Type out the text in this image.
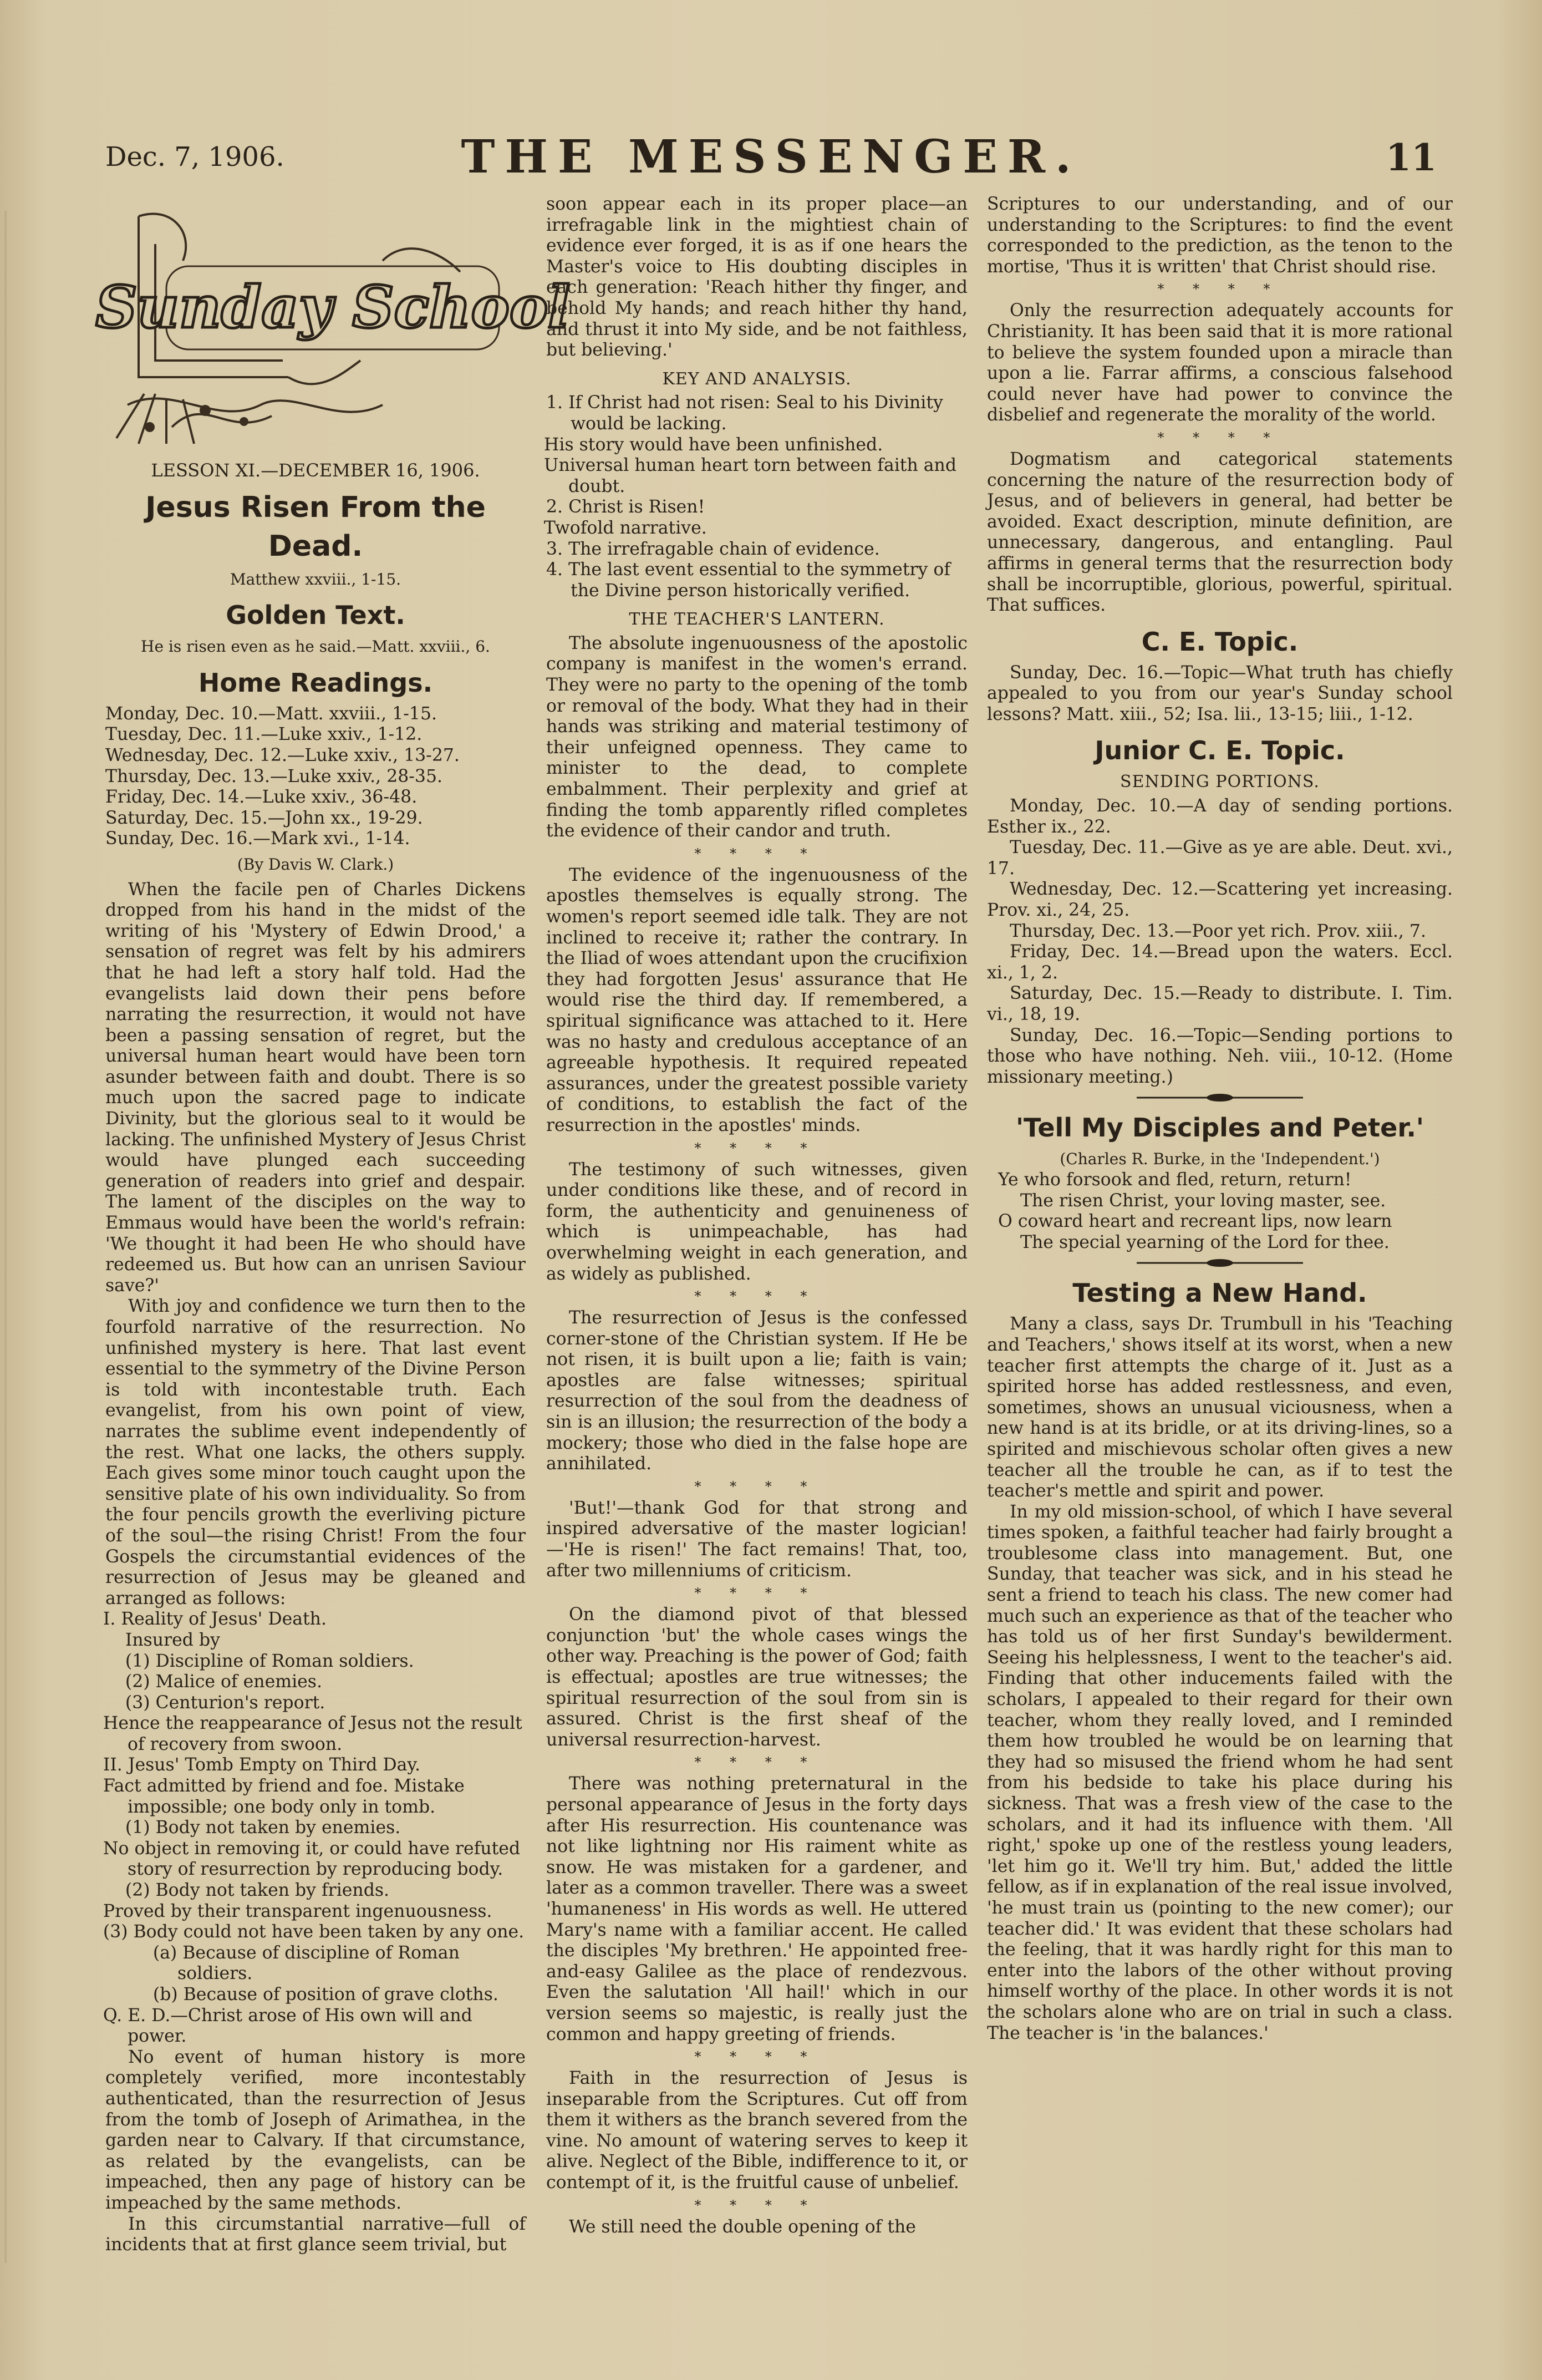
Dec. 7, 1906.	THE MESSENGER.	11
Sunday School
LESSON XI.—DECEMBER 16, 1906.
Jesus Risen From the Dead.
Matthew xxviii., 1-15.
Golden Text.
He is risen even as he said.—Matt. xxviii., 6.
Home Readings.
Monday, Dec. 10.—Matt. xxviii., 1-15.
Tuesday, Dec. 11.—Luke xxiv., 1-12.
Wednesday, Dec. 12.—Luke xxiv., 13-27.
Thursday, Dec. 13.—Luke xxiv., 28-35.
Friday, Dec. 14.—Luke xxiv., 36-48.
Saturday, Dec. 15.—John xx., 19-29.
Sunday, Dec. 16.—Mark xvi., 1-14.
(By Davis W. Clark.)

When the facile pen of Charles Dickens dropped from his hand in the midst of the writing of his 'Mystery of Edwin Drood,' a sensation of regret was felt by his admirers that he had left a story half told. Had the evangelists laid down their pens before narrating the resurrection, it would not have been a passing sensation of regret, but the universal human heart would have been torn asunder between faith and doubt. There is so much upon the sacred page to indicate Divinity, but the glorious seal to it would be lacking. The unfinished Mystery of Jesus Christ would have plunged each succeeding generation of readers into grief and despair. The lament of the disciples on the way to Emmaus would have been the world's refrain: 'We thought it had been He who should have redeemed us. But how can an unrisen Saviour save?'

With joy and confidence we turn then to the fourfold narrative of the resurrection. No unfinished mystery is here. That last event essential to the symmetry of the Divine Person is told with incontestable truth. Each evangelist, from his own point of view, narrates the sublime event independently of the rest. What one lacks, the others supply. Each gives some minor touch caught upon the sensitive plate of his own individuality. So from the four pencils growth the everliving picture of the soul—the rising Christ! From the four Gospels the circumstantial evidences of the resurrection of Jesus may be gleaned and arranged as follows:

I. Reality of Jesus' Death.
Insured by
(1) Discipline of Roman soldiers.
(2) Malice of enemies.
(3) Centurion's report.
Hence the reappearance of Jesus not the result of recovery from swoon.
II. Jesus' Tomb Empty on Third Day.
Fact admitted by friend and foe. Mistake impossible; one body only in tomb.
(1) Body not taken by enemies.
No object in removing it, or could have refuted story of resurrection by reproducing body.
(2) Body not taken by friends.
Proved by their transparent ingenuousness.
(3) Body could not have been taken by any one.
(a) Because of discipline of Roman soldiers.
(b) Because of position of grave cloths.
Q. E. D.—Christ arose of His own will and power.

No event of human history is more completely verified, more incontestably authenticated, than the resurrection of Jesus from the tomb of Joseph of Arimathea, in the garden near to Calvary. If that circumstance, as related by the evangelists, can be impeached, then any page of history can be impeached by the same methods.

In this circumstantial narrative—full of incidents that at first glance seem trivial, but

soon appear each in its proper place—an irrefragable link in the mightiest chain of evidence ever forged, it is as if one hears the Master's voice to His doubting disciples in each generation: 'Reach hither thy finger, and behold My hands; and reach hither thy hand, and thrust it into My side, and be not faithless, but believing.'

KEY AND ANALYSIS.
1. If Christ had not risen: Seal to his Divinity would be lacking.
His story would have been unfinished.
Universal human heart torn between faith and doubt.
2. Christ is Risen!
Twofold narrative.
3. The irrefragable chain of evidence.
4. The last event essential to the symmetry of the Divine person historically verified.
THE TEACHER'S LANTERN.

The absolute ingenuousness of the apostolic company is manifest in the women's errand. They were no party to the opening of the tomb or removal of the body. What they had in their hands was striking and material testimony of their unfeigned openness. They came to minister to the dead, to complete embalmment. Their perplexity and grief at finding the tomb apparently rifled completes the evidence of their candor and truth.

* * * *

The evidence of the ingenuousness of the apostles themselves is equally strong. The women's report seemed idle talk. They are not inclined to receive it; rather the contrary. In the Iliad of woes attendant upon the crucifixion they had forgotten Jesus' assurance that He would rise the third day. If remembered, a spiritual significance was attached to it. Here was no hasty and credulous acceptance of an agreeable hypothesis. It required repeated assurances, under the greatest possible variety of conditions, to establish the fact of the resurrection in the apostles' minds.

* * * *

The testimony of such witnesses, given under conditions like these, and of record in form, the authenticity and genuineness of which is unimpeachable, has had overwhelming weight in each generation, and as widely as published.

* * * *

The resurrection of Jesus is the confessed corner-stone of the Christian system. If He be not risen, it is built upon a lie; faith is vain; apostles are false witnesses; spiritual resurrection of the soul from the deadness of sin is an illusion; the resurrection of the body a mockery; those who died in the false hope are annihilated.

* * * *

'But!'—thank God for that strong and inspired adversative of the master logician!—'He is risen!' The fact remains! That, too, after two millenniums of criticism.

* * * *

On the diamond pivot of that blessed conjunction 'but' the whole cases wings the other way. Preaching is the power of God; faith is effectual; apostles are true witnesses; the spiritual resurrection of the soul from sin is assured. Christ is the first sheaf of the universal resurrection-harvest.

* * * *

There was nothing preternatural in the personal appearance of Jesus in the forty days after His resurrection. His countenance was not like lightning nor His raiment white as snow. He was mistaken for a gardener, and later as a common traveller. There was a sweet 'humaneness' in His words as well. He uttered Mary's name with a familiar accent. He called the disciples 'My brethren.' He appointed free-and-easy Galilee as the place of rendezvous. Even the salutation 'All hail!' which in our version seems so majestic, is really just the common and happy greeting of friends.

* * * *

Faith in the resurrection of Jesus is inseparable from the Scriptures. Cut off from them it withers as the branch severed from the vine. No amount of watering serves to keep it alive. Neglect of the Bible, indifference to it, or contempt of it, is the fruitful cause of unbelief.

* * * *

We still need the double opening of the

Scriptures to our understanding, and of our understanding to the Scriptures: to find the event corresponded to the prediction, as the tenon to the mortise, 'Thus it is written' that Christ should rise.

* * * *

Only the resurrection adequately accounts for Christianity. It has been said that it is more rational to believe the system founded upon a miracle than upon a lie. Farrar affirms, a conscious falsehood could never have had power to convince the disbelief and regenerate the morality of the world.

* * * *

Dogmatism and categorical statements concerning the nature of the resurrection body of Jesus, and of believers in general, had better be avoided. Exact description, minute definition, are unnecessary, dangerous, and entangling. Paul affirms in general terms that the resurrection body shall be incorruptible, glorious, powerful, spiritual. That suffices.

C. E. Topic.

Sunday, Dec. 16.—Topic—What truth has chiefly appealed to you from our year's Sunday school lessons? Matt. xiii., 52; Isa. lii., 13-15; liii., 1-12.

Junior C. E. Topic.
SENDING PORTIONS.

Monday, Dec. 10.—A day of sending portions. Esther ix., 22.

Tuesday, Dec. 11.—Give as ye are able. Deut. xvi., 17.

Wednesday, Dec. 12.—Scattering yet increasing. Prov. xi., 24, 25.

Thursday, Dec. 13.—Poor yet rich. Prov. xiii., 7.

Friday, Dec. 14.—Bread upon the waters. Eccl. xi., 1, 2.

Saturday, Dec. 15.—Ready to distribute. I. Tim. vi., 18, 19.

Sunday, Dec. 16.—Topic—Sending portions to those who have nothing. Neh. viii., 10-12. (Home missionary meeting.)

'Tell My Disciples and Peter.'
(Charles R. Burke, in the 'Independent.')
Ye who forsook and fled, return, return!
The risen Christ, your loving master, see.
O coward heart and recreant lips, now learn
The special yearning of the Lord for thee.
Testing a New Hand.

Many a class, says Dr. Trumbull in his 'Teaching and Teachers,' shows itself at its worst, when a new teacher first attempts the charge of it. Just as a spirited horse has added restlessness, and even, sometimes, shows an unusual viciousness, when a new hand is at its bridle, or at its driving-lines, so a spirited and mischievous scholar often gives a new teacher all the trouble he can, as if to test the teacher's mettle and spirit and power.

In my old mission-school, of which I have several times spoken, a faithful teacher had fairly brought a troublesome class into management. But, one Sunday, that teacher was sick, and in his stead he sent a friend to teach his class. The new comer had much such an experience as that of the teacher who has told us of her first Sunday's bewilderment. Seeing his helplessness, I went to the teacher's aid. Finding that other inducements failed with the scholars, I appealed to their regard for their own teacher, whom they really loved, and I reminded them how troubled he would be on learning that they had so misused the friend whom he had sent from his bedside to take his place during his sickness. That was a fresh view of the case to the scholars, and it had its influence with them. 'All right,' spoke up one of the restless young leaders, 'let him go it. We'll try him. But,' added the little fellow, as if in explanation of the real issue involved, 'he must train us (pointing to the new comer); our teacher did.' It was evident that these scholars had the feeling, that it was hardly right for this man to enter into the labors of the other without proving himself worthy of the place. In other words it is not the scholars alone who are on trial in such a class. The teacher is 'in the balances.'
